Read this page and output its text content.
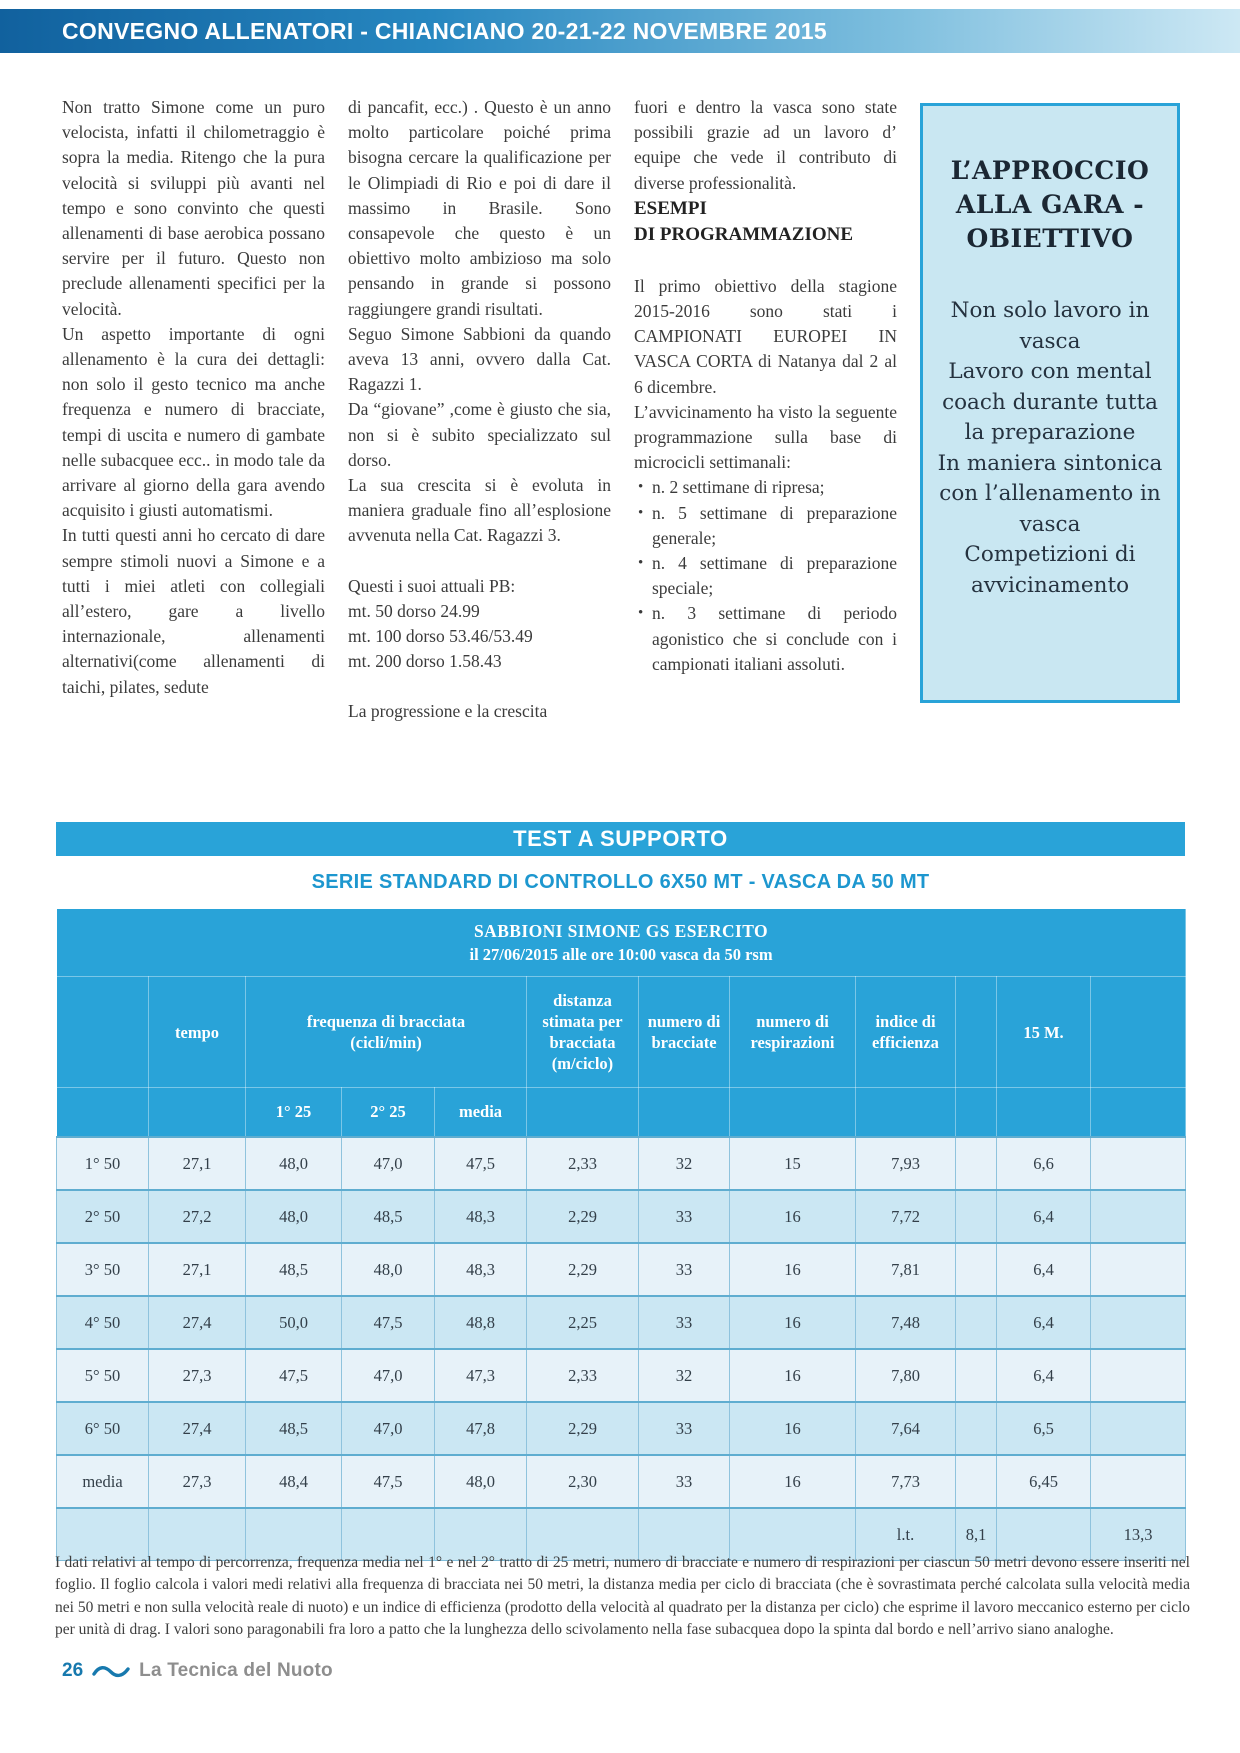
CONVEGNO ALLENATORI - CHIANCIANO 20-21-22 NOVEMBRE 2015

Non tratto Simone come un puro velocista, infatti il chilometraggio è sopra la media. Ritengo che la pura velocità si sviluppi più avanti nel tempo e sono convinto che questi allenamenti di base aerobica possano servire per il futuro. Questo non preclude allenamenti specifici per la velocità.

Un aspetto importante di ogni allenamento è la cura dei dettagli: non solo il gesto tecnico ma anche frequenza e numero di bracciate, tempi di uscita e numero di gambate nelle subacquee ecc.. in modo tale da arrivare al giorno della gara avendo acquisito i giusti automatismi.

In tutti questi anni ho cercato di dare sempre stimoli nuovi a Simone e a tutti i miei atleti con collegiali all’estero, gare a livello internazionale, allenamenti alternativi(come allenamenti di taichi, pilates, sedute

di pancafit, ecc.) . Questo è un anno molto particolare poiché prima bisogna cercare la qualificazione per le Olimpiadi di Rio e poi di dare il massimo in Brasile. Sono consapevole che questo è un obiettivo molto ambizioso ma solo pensando in grande si possono raggiungere grandi risultati.

Seguo Simone Sabbioni da quando aveva 13 anni, ovvero dalla Cat. Ragazzi 1.

Da “giovane” ,come è giusto che sia, non si è subito specializzato sul dorso.

La sua crescita si è evoluta in maniera graduale fino all’esplosione avvenuta nella Cat. Ragazzi 3.

Questi i suoi attuali PB:

mt. 50 dorso 24.99

mt. 100 dorso 53.46/53.49

mt. 200 dorso 1.58.43

La progressione e la crescita

fuori e dentro la vasca sono state possibili grazie ad un lavoro d’ equipe che vede il contributo di diverse professionalità.

ESEMPI

DI PROGRAMMAZIONE

Il primo obiettivo della stagione 2015-2016 sono stati i CAMPIONATI EUROPEI IN VASCA CORTA di Natanya dal 2 al 6 dicembre.

L’avvicinamento ha visto la seguente programmazione sulla base di microcicli settimanali:

• n. 2 settimane di ripresa;
• n. 5 settimane di preparazione generale;
• n. 4 settimane di preparazione speciale;
• n. 3 settimane di periodo agonistico che si conclude con i campionati italiani assoluti.
L’APPROCCIO
ALLA GARA -
OBIETTIVO

Non solo lavoro in vasca

Lavoro con mental coach durante tutta la preparazione

In maniera sintonica con l’allenamento in vasca

Competizioni di avvicinamento

TEST A SUPPORTO
SERIE STANDARD DI CONTROLLO 6X50 MT - VASCA DA 50 MT
SABBIONI SIMONE GS ESERCITO
il 27/06/2015 alle ore 10:00 vasca da 50 rsm											

	tempo	frequenza di bracciata (cicli/min)			distanza stimata per bracciata (m/ciclo)	numero di bracciate	numero di respirazioni	indice di efficienza		15 M.	
		1° 25	2° 25	media							
1° 50	27,1	48,0	47,0	47,5	2,33	32	15	7,93		6,6	
2° 50	27,2	48,0	48,5	48,3	2,29	33	16	7,72		6,4	
3° 50	27,1	48,5	48,0	48,3	2,29	33	16	7,81		6,4	
4° 50	27,4	50,0	47,5	48,8	2,25	33	16	7,48		6,4	
5° 50	27,3	47,5	47,0	47,3	2,33	32	16	7,80		6,4	
6° 50	27,4	48,5	47,0	47,8	2,29	33	16	7,64		6,5	
media	27,3	48,4	47,5	48,0	2,30	33	16	7,73		6,45	
								l.t.	8,1		13,3

I dati relativi al tempo di percorrenza, frequenza media nel 1° e nel 2° tratto di 25 metri, numero di bracciate e numero di respirazioni per ciascun 50 metri devono essere inseriti nel foglio. Il foglio calcola i valori medi relativi alla frequenza di bracciata nei 50 metri, la distanza media per ciclo di bracciata (che è sovrastimata perché calcolata sulla velocità media nei 50 metri e non sulla velocità reale di nuoto) e un indice di efficienza (prodotto della velocità al quadrato per la distanza per ciclo) che esprime il lavoro meccanico esterno per ciclo per unità di drag. I valori sono paragonabili fra loro a patto che la lunghezza dello scivolamento nella fase subacquea dopo la spinta dal bordo e nell’arrivo siano analoghe.

26	La Tecnica del Nuoto
